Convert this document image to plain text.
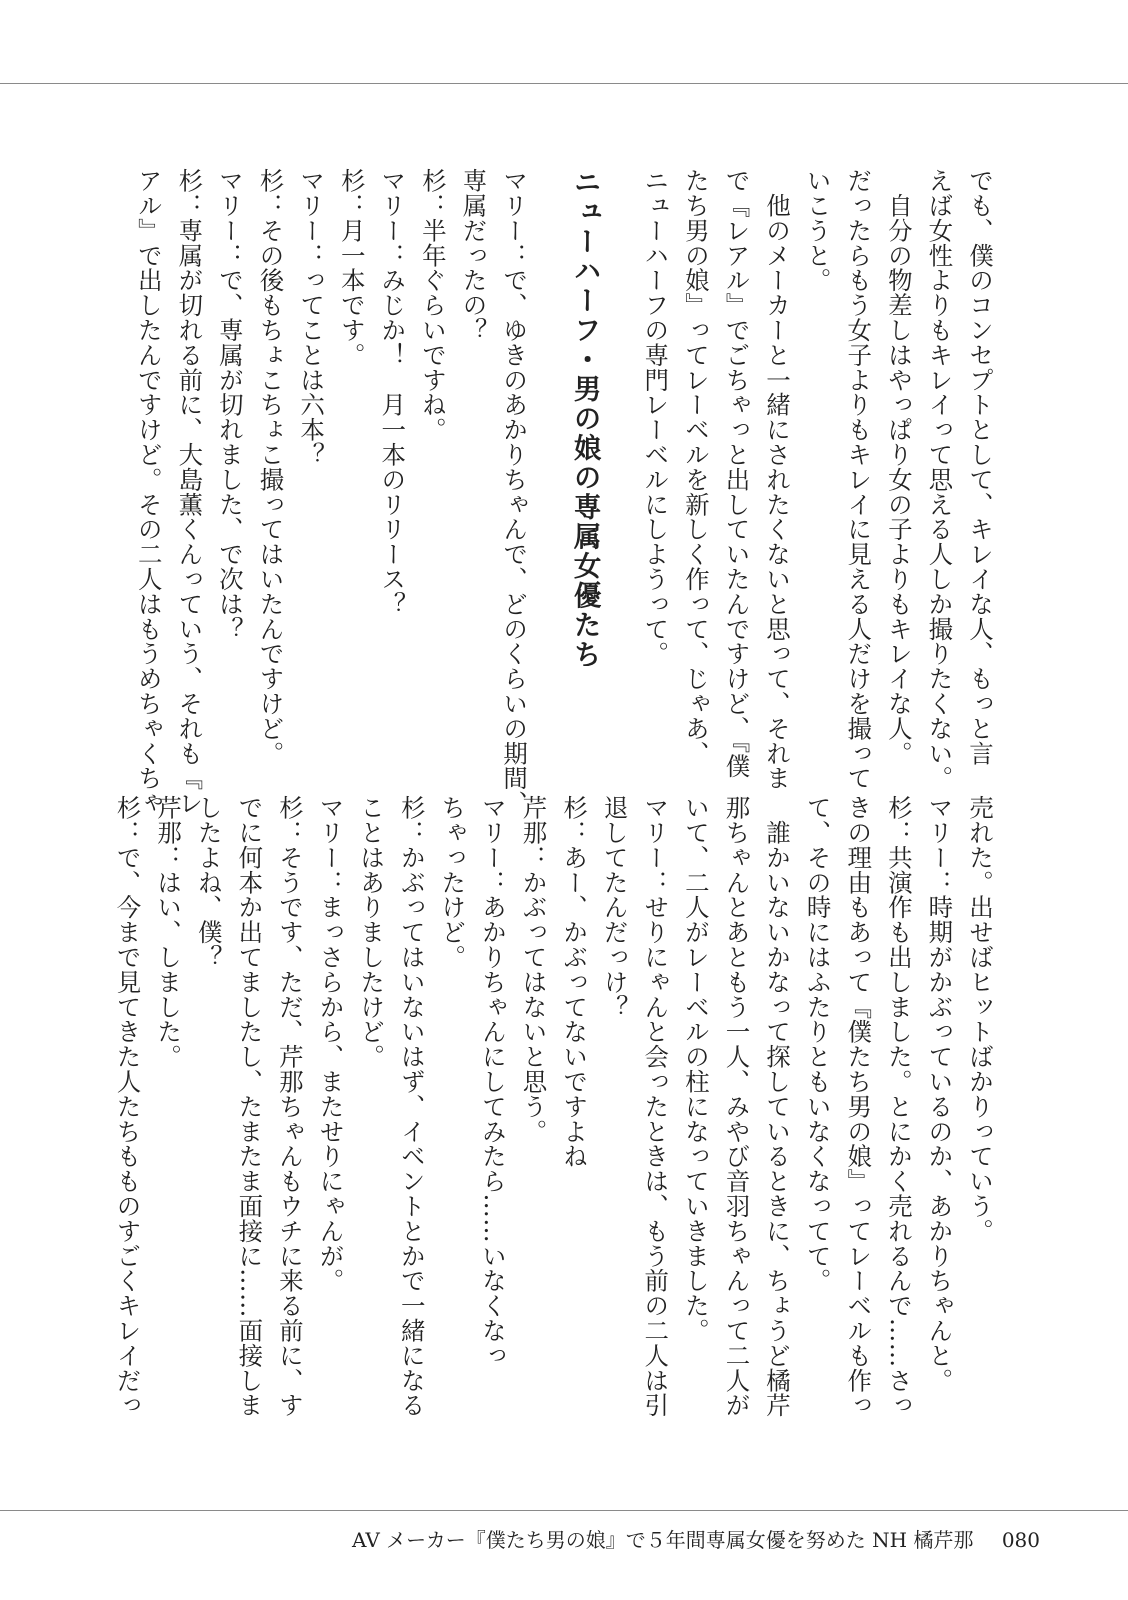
でも、僕のコンセプトとして、キレイな人、もっと言

えば女性よりもキレイって思える人しか撮りたくない。

　自分の物差しはやっぱり女の子よりもキレイな人。

だったらもう女子よりもキレイに見える人だけを撮って

いこうと。

　他のメーカーと一緒にされたくないと思って、それま

で『レアル』でごちゃっと出していたんですけど、『僕

たち男の娘』ってレーベルを新しく作って、じゃあ、

ニューハーフの専門レーベルにしようって。

ニューハーフ・男の娘の専属女優たち

マリー：で、ゆきのあかりちゃんで、どのくらいの期間、

専属だったの？

杉：半年ぐらいですね。

マリー：みじか！　月一本のリリース？

杉：月一本です。

マリー：ってことは六本？

杉：その後もちょこちょこ撮ってはいたんですけど。

マリー：で、専属が切れました、で次は？

杉：専属が切れる前に、大島薫くんっていう、それも『レ

アル』で出したんですけど。その二人はもうめちゃくちゃ

売れた。出せばヒットばかりっていう。

マリー：時期がかぶっているのか、あかりちゃんと。

杉：共演作も出しました。とにかく売れるんで……さっ

きの理由もあって『僕たち男の娘』ってレーベルも作っ

て、その時にはふたりともいなくなってて。

　誰かいないかなって探しているときに、ちょうど橘芹

那ちゃんとあともう一人、みやび音羽ちゃんって二人が

いて、二人がレーベルの柱になっていきました。

マリー：せりにゃんと会ったときは、もう前の二人は引

退してたんだっけ？

杉：あー、かぶってないですよね

芹那：かぶってはないと思う。

マリー：あかりちゃんにしてみたら……いなくなっ

ちゃったけど。

杉：かぶってはいないはず、イベントとかで一緒になる

ことはありましたけど。

マリー：まっさらから、またせりにゃんが。

杉：そうです、ただ、芹那ちゃんもウチに来る前に、す

でに何本か出てましたし、たまたま面接に……面接しま

したよね、僕？

芹那：はい、しました。

杉：で、今まで見てきた人たちもものすごくキレイだっ

AV メーカー『僕たち男の娘』で５年間専属女優を努めた NH 橘芹那 080
